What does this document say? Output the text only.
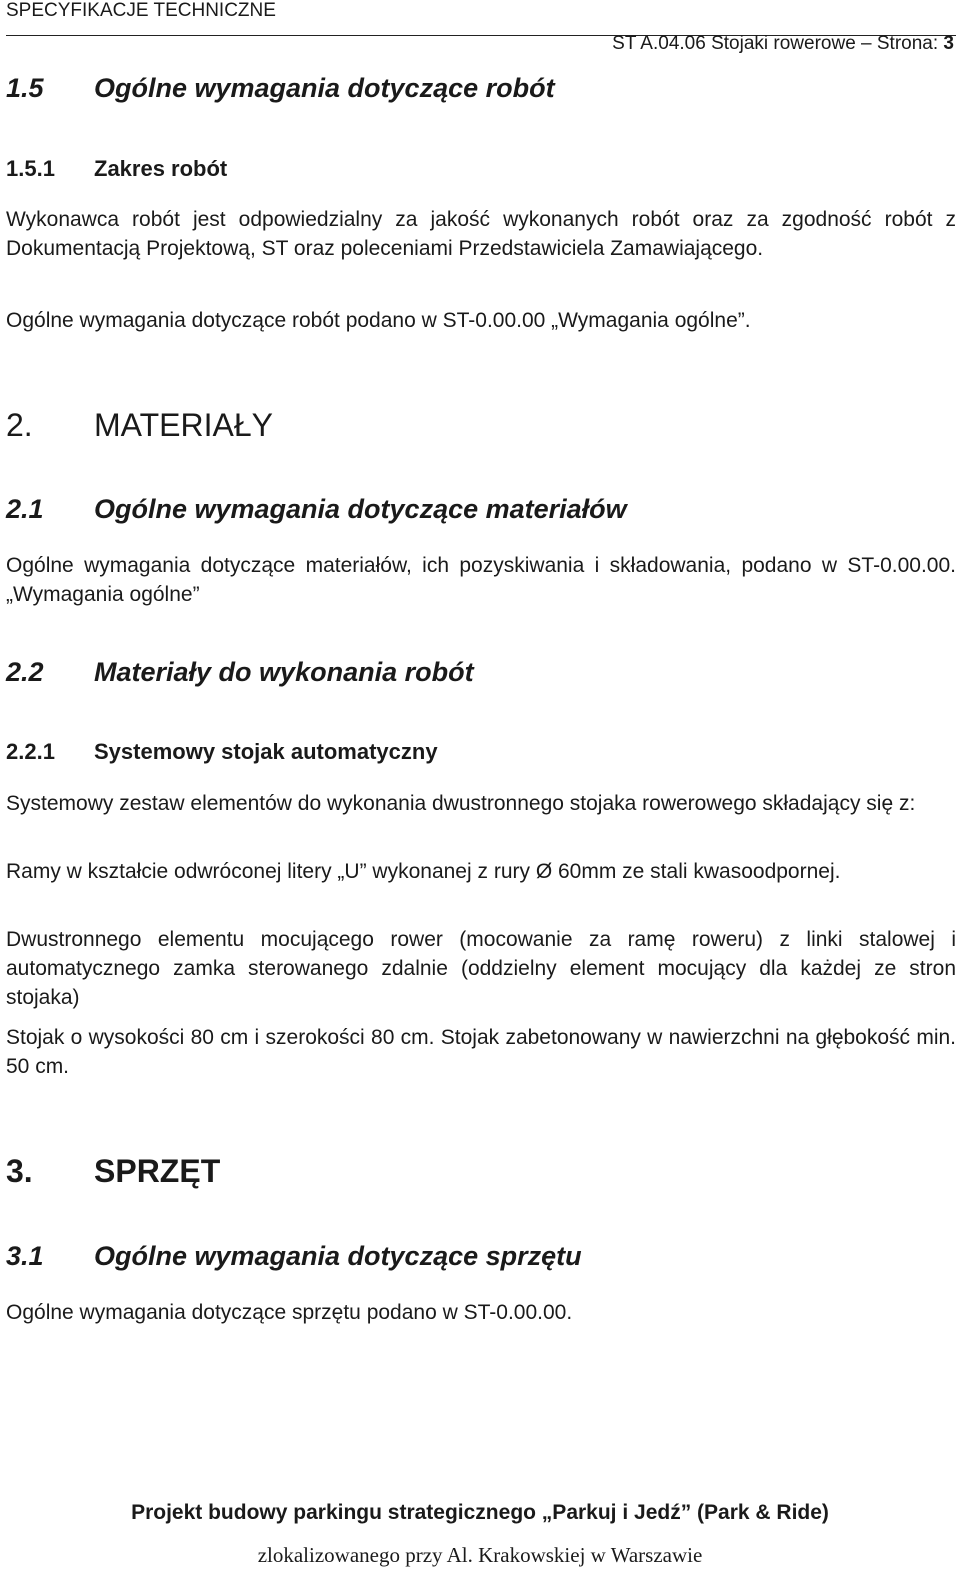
SPECYFIKACJE TECHNICZNE
ST A.04.06 Stojaki rowerowe – Strona: 3
1.5 Ogólne wymagania dotyczące robót
1.5.1 Zakres robót
Wykonawca robót jest odpowiedzialny za jakość wykonanych robót oraz za zgodność robót z Dokumentacją Projektową, ST oraz poleceniami Przedstawiciela Zamawiającego.
Ogólne wymagania dotyczące robót podano w ST-0.00.00 „Wymagania ogólne”.
2. MATERIAŁY
2.1 Ogólne wymagania dotyczące materiałów
Ogólne wymagania dotyczące materiałów, ich pozyskiwania i składowania, podano w ST-0.00.00. „Wymagania ogólne”
2.2 Materiały do wykonania robót
2.2.1 Systemowy stojak automatyczny
Systemowy zestaw elementów do wykonania dwustronnego stojaka rowerowego składający się z:
Ramy w kształcie odwróconej litery „U” wykonanej z rury Ø 60mm ze stali kwasoodpornej.
Dwustronnego elementu mocującego rower (mocowanie za ramę roweru) z linki stalowej i automatycznego zamka sterowanego zdalnie (oddzielny element mocujący dla każdej ze stron stojaka)
Stojak o wysokości 80 cm i szerokości 80 cm. Stojak zabetonowany w nawierzchni na głębokość min. 50 cm.
3. SPRZĘT
3.1 Ogólne wymagania dotyczące sprzętu
Ogólne wymagania dotyczące sprzętu podano w ST-0.00.00.
Projekt budowy parkingu strategicznego „Parkuj i Jedź” (Park & Ride)
zlokalizowanego przy Al. Krakowskiej w Warszawie
